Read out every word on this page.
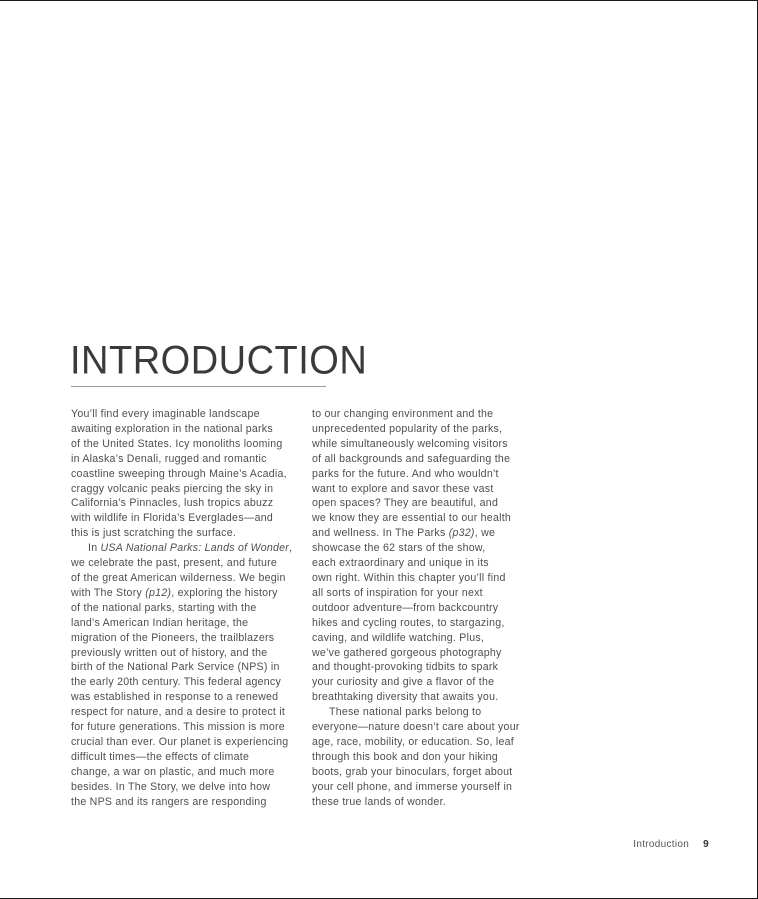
INTRODUCTION
You’ll find every imaginable landscape
awaiting exploration in the national parks
of the United States. Icy monoliths looming
in Alaska’s Denali, rugged and romantic
coastline sweeping through Maine’s Acadia,
craggy volcanic peaks piercing the sky in
California’s Pinnacles, lush tropics abuzz
with wildlife in Florida’s Everglades—and
this is just scratching the surface.
In USA National Parks: Lands of Wonder,
we celebrate the past, present, and future
of the great American wilderness. We begin
with The Story (p12), exploring the history
of the national parks, starting with the
land’s American Indian heritage, the
migration of the Pioneers, the trailblazers
previously written out of history, and the
birth of the National Park Service (NPS) in
the early 20th century. This federal agency
was established in response to a renewed
respect for nature, and a desire to protect it
for future generations. This mission is more
crucial than ever. Our planet is experiencing
difficult times—the effects of climate
change, a war on plastic, and much more
besides. In The Story, we delve into how
the NPS and its rangers are responding
to our changing environment and the
unprecedented popularity of the parks,
while simultaneously welcoming visitors
of all backgrounds and safeguarding the
parks for the future. And who wouldn’t
want to explore and savor these vast
open spaces? They are beautiful, and
we know they are essential to our health
and wellness. In The Parks (p32), we
showcase the 62 stars of the show,
each extraordinary and unique in its
own right. Within this chapter you’ll find
all sorts of inspiration for your next
outdoor adventure—from backcountry
hikes and cycling routes, to stargazing,
caving, and wildlife watching. Plus,
we’ve gathered gorgeous photography
and thought-provoking tidbits to spark
your curiosity and give a flavor of the
breathtaking diversity that awaits you.
These national parks belong to
everyone—nature doesn’t care about your
age, race, mobility, or education. So, leaf
through this book and don your hiking
boots, grab your binoculars, forget about
your cell phone, and immerse yourself in
these true lands of wonder.
Introduction 9
